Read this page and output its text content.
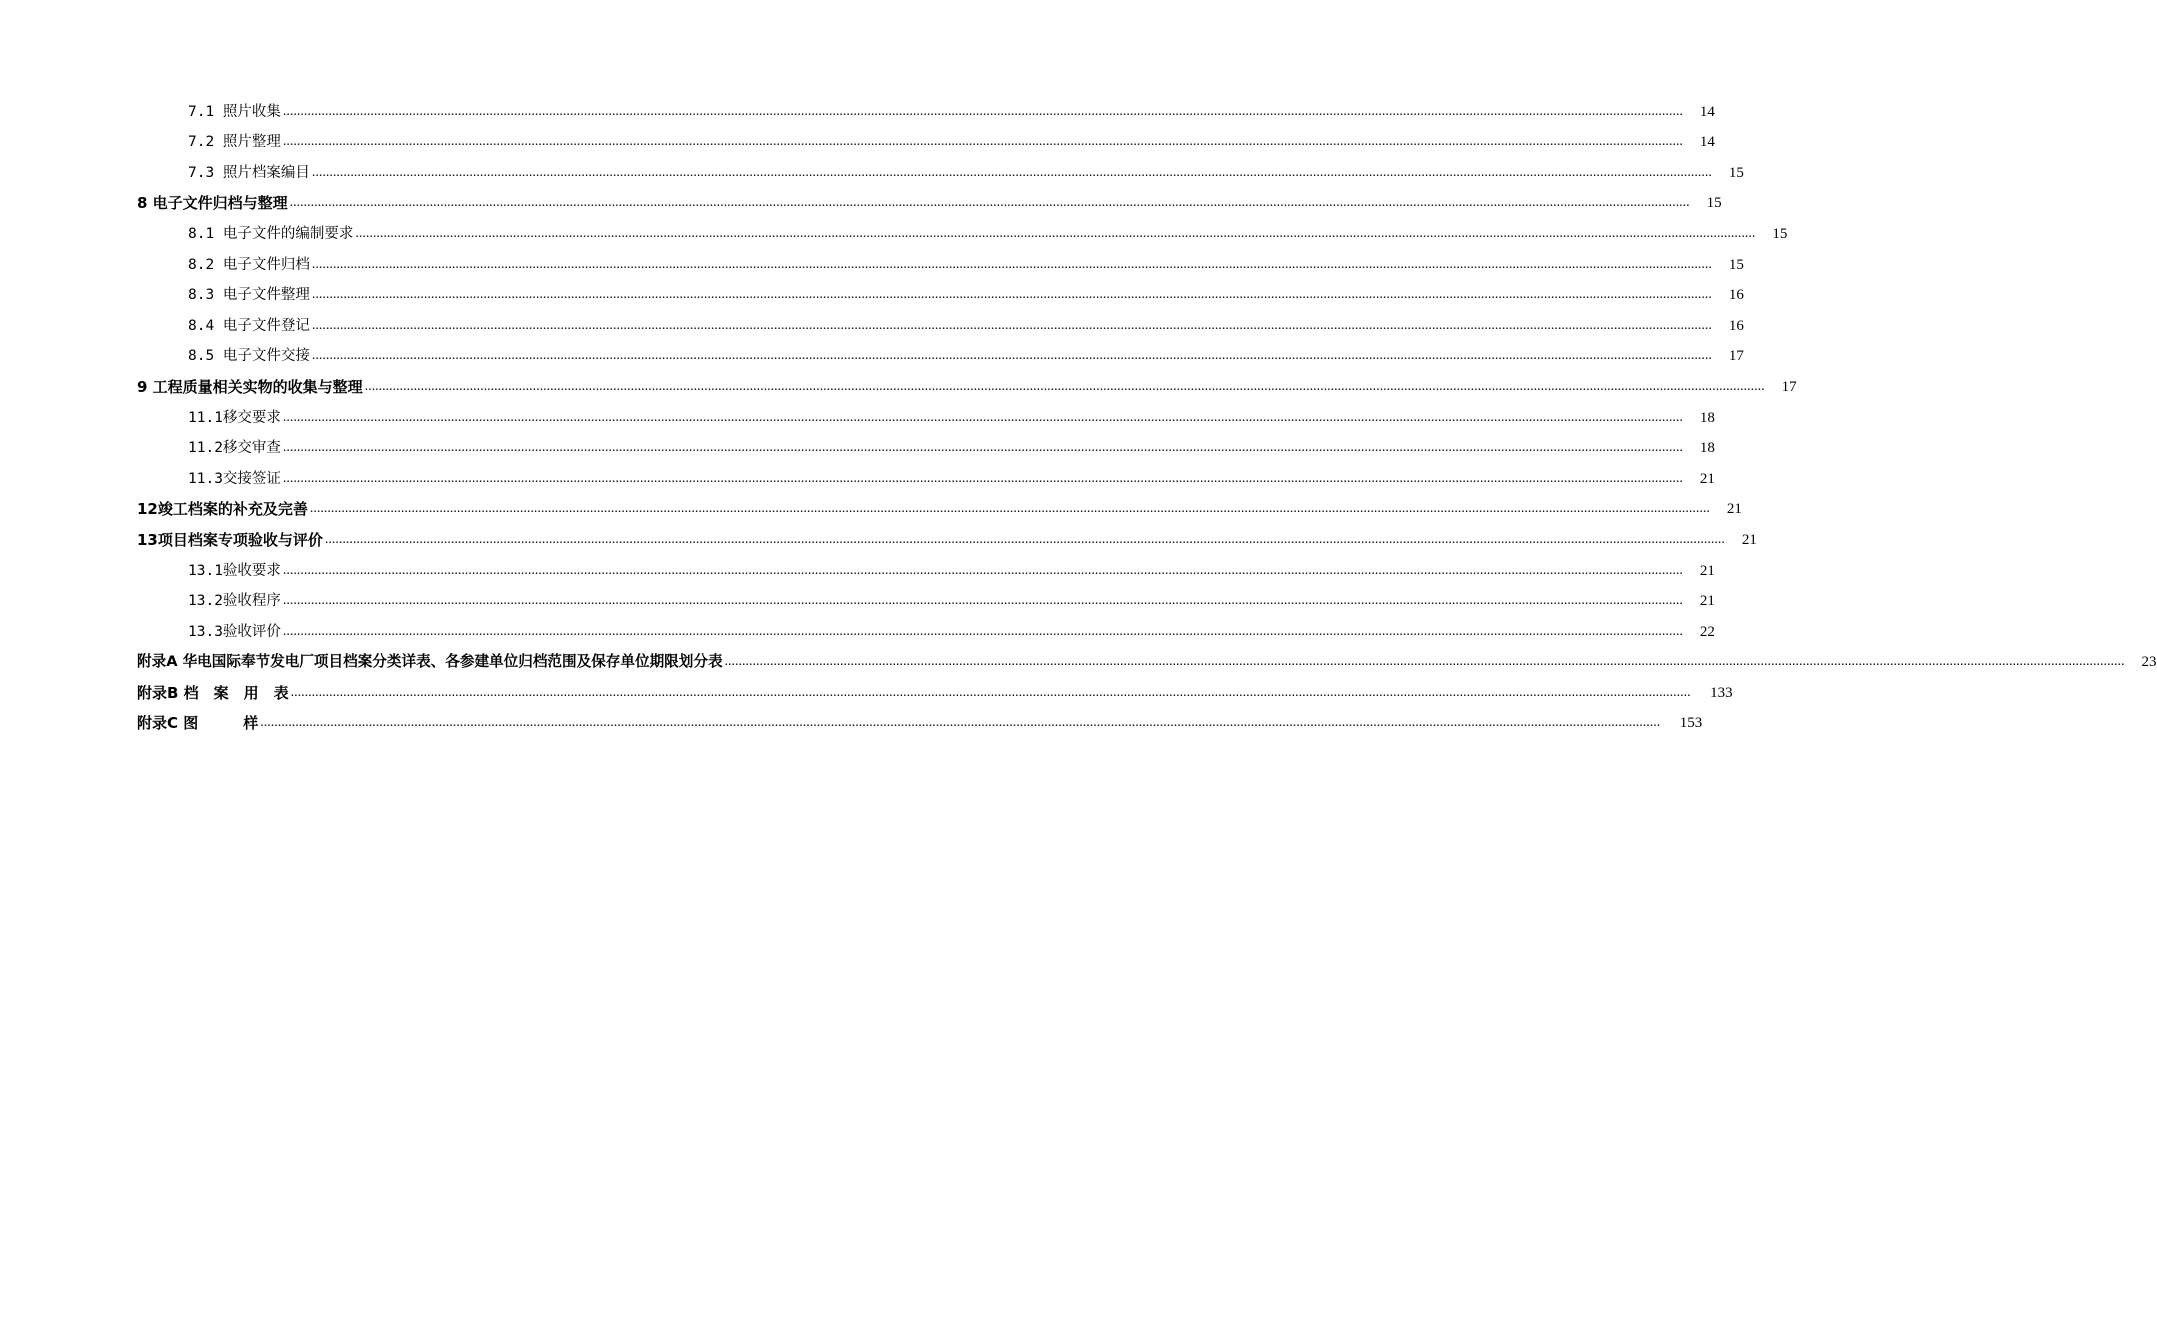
7.1 照片收集 ................................................................................................................................................................................................................................................................................................................................................................................................................	14
7.2 照片整理 ................................................................................................................................................................................................................................................................................................................................................................................................................	14
7.3 照片档案编目 ................................................................................................................................................................................................................................................................................................................................................................................................................	15
8 电子文件归档与整理 ................................................................................................................................................................................................................................................................................................................................................................................................................	15
8.1 电子文件的编制要求 ................................................................................................................................................................................................................................................................................................................................................................................................................	15
8.2 电子文件归档 ................................................................................................................................................................................................................................................................................................................................................................................................................	15
8.3 电子文件整理 ................................................................................................................................................................................................................................................................................................................................................................................................................	16
8.4 电子文件登记 ................................................................................................................................................................................................................................................................................................................................................................................................................	16
8.5 电子文件交接 ................................................................................................................................................................................................................................................................................................................................................................................................................	17
9 工程质量相关实物的收集与整理 ................................................................................................................................................................................................................................................................................................................................................................................................................	17
11.1移交要求 ................................................................................................................................................................................................................................................................................................................................................................................................................	18
11.2移交审查 ................................................................................................................................................................................................................................................................................................................................................................................................................	18
11.3交接签证 ................................................................................................................................................................................................................................................................................................................................................................................................................	21
12竣工档案的补充及完善 ................................................................................................................................................................................................................................................................................................................................................................................................................	21
13项目档案专项验收与评价 ................................................................................................................................................................................................................................................................................................................................................................................................................	21
13.1验收要求 ................................................................................................................................................................................................................................................................................................................................................................................................................	21
13.2验收程序 ................................................................................................................................................................................................................................................................................................................................................................................................................	21
13.3验收评价 ................................................................................................................................................................................................................................................................................................................................................................................................................	22
附录A 华电国际奉节发电厂项目档案分类详表、各参建单位归档范围及保存单位期限划分表 ................................................................................................................................................................................................................................................................................................................................................................................................................	23
附录B 档　案　用　表 ................................................................................................................................................................................................................................................................................................................................................................................................................	133
附录C 图　　　样 ................................................................................................................................................................................................................................................................................................................................................................................................................	153
